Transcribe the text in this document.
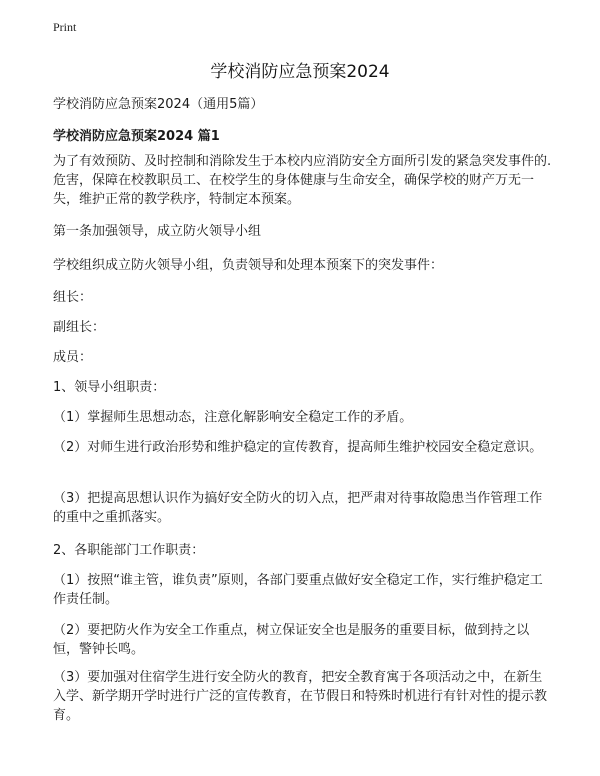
Print
学校消防应急预案2024
学校消防应急预案2024（通用5篇）
学校消防应急预案2024 篇1

为了有效预防、及时控制和消除发生于本校内应消防安全方面所引发的紧急突发事件的.危害，保障在校教职员工、在校学生的身体健康与生命安全，确保学校的财产万无一失，维护正常的教学秩序，特制定本预案。

第一条加强领导，成立防火领导小组

学校组织成立防火领导小组，负责领导和处理本预案下的突发事件：

组长：

副组长：

成员：

1、领导小组职责：

（1）掌握师生思想动态，注意化解影响安全稳定工作的矛盾。

（2）对师生进行政治形势和维护稳定的宣传教育，提高师生维护校园安全稳定意识。

（3）把提高思想认识作为搞好安全防火的切入点，把严肃对待事故隐患当作管理工作的重中之重抓落实。

2、各职能部门工作职责：

（1）按照“谁主管，谁负责”原则，各部门要重点做好安全稳定工作，实行维护稳定工作责任制。

（2）要把防火作为安全工作重点，树立保证安全也是服务的重要目标，做到持之以恒，警钟长鸣。

（3）要加强对住宿学生进行安全防火的教育，把安全教育寓于各项活动之中，在新生入学、新学期开学时进行广泛的宣传教育，在节假日和特殊时机进行有针对性的提示教育。
